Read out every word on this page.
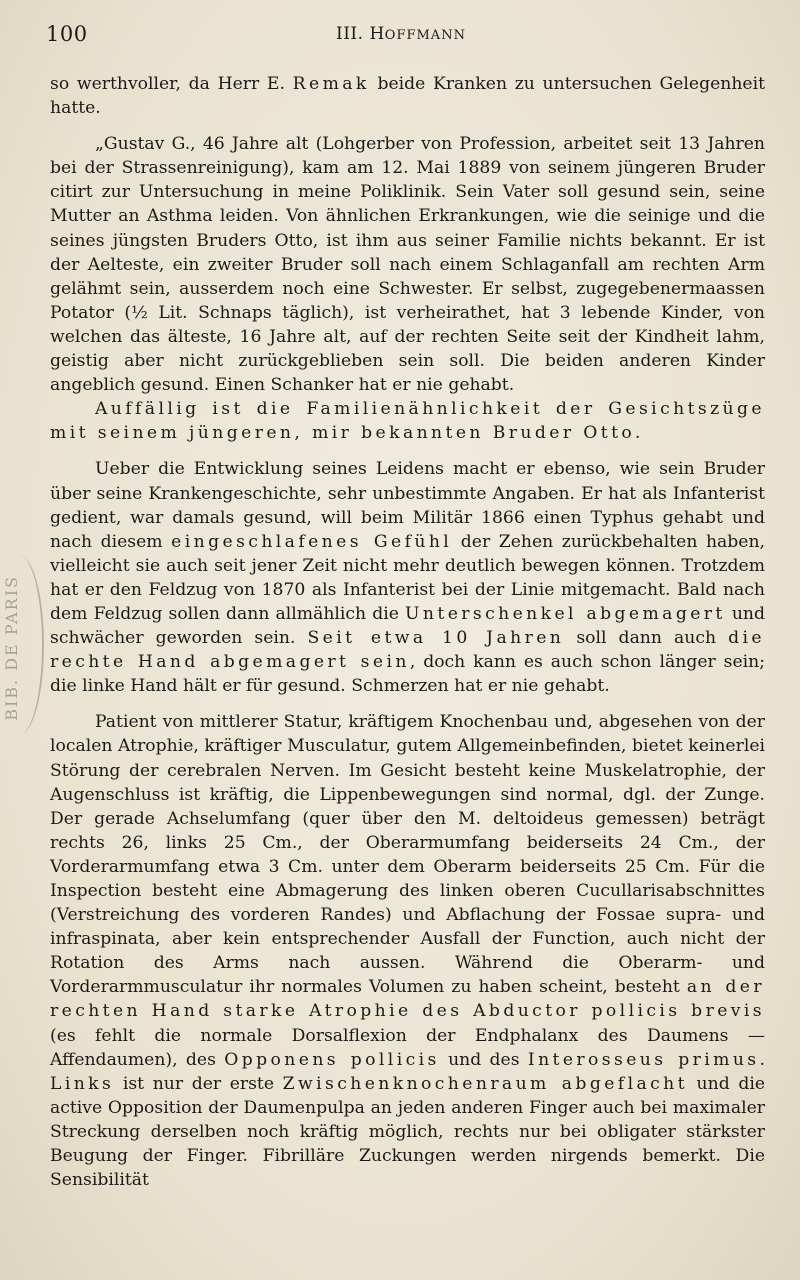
100	III. HOFFMANN
BIB. DE PARIS

so werthvoller, da Herr E. Remak beide Kranken zu untersuchen Gelegenheit hatte.

„Gustav G., 46 Jahre alt (Lohgerber von Profession, arbeitet seit 13 Jahren bei der Strassenreinigung), kam am 12. Mai 1889 von seinem jüngeren Bruder citirt zur Untersuchung in meine Poliklinik. Sein Vater soll gesund sein, seine Mutter an Asthma leiden. Von ähnlichen Erkrankungen, wie die seinige und die seines jüngsten Bruders Otto, ist ihm aus seiner Familie nichts bekannt. Er ist der Aelteste, ein zweiter Bruder soll nach einem Schlaganfall am rechten Arm gelähmt sein, ausserdem noch eine Schwester. Er selbst, zugegebenermaassen Potator (½ Lit. Schnaps täglich), ist verheirathet, hat 3 lebende Kinder, von welchen das älteste, 16 Jahre alt, auf der rechten Seite seit der Kindheit lahm, geistig aber nicht zurückgeblieben sein soll. Die beiden anderen Kinder angeblich gesund. Einen Schanker hat er nie gehabt.

Auffällig ist die Familienähnlichkeit der Gesichtszüge mit seinem jüngeren, mir bekannten Bruder Otto.

Ueber die Entwicklung seines Leidens macht er ebenso, wie sein Bruder über seine Krankengeschichte, sehr unbestimmte Angaben. Er hat als Infanterist gedient, war damals gesund, will beim Militär 1866 einen Typhus gehabt und nach diesem eingeschlafenes Gefühl der Zehen zurückbehalten haben, vielleicht sie auch seit jener Zeit nicht mehr deutlich bewegen können. Trotzdem hat er den Feldzug von 1870 als Infanterist bei der Linie mitgemacht. Bald nach dem Feldzug sollen dann allmählich die Unterschenkel abgemagert und schwächer geworden sein. Seit etwa 10 Jahren soll dann auch die rechte Hand abgemagert sein, doch kann es auch schon länger sein; die linke Hand hält er für gesund. Schmerzen hat er nie gehabt.

Patient von mittlerer Statur, kräftigem Knochenbau und, abgesehen von der localen Atrophie, kräftiger Musculatur, gutem Allgemeinbefinden, bietet keinerlei Störung der cerebralen Nerven. Im Gesicht besteht keine Muskelatrophie, der Augenschluss ist kräftig, die Lippenbewegungen sind normal, dgl. der Zunge. Der gerade Achselumfang (quer über den M. deltoideus gemessen) beträgt rechts 26, links 25 Cm., der Oberarmumfang beiderseits 24 Cm., der Vorderarmumfang etwa 3 Cm. unter dem Oberarm beiderseits 25 Cm. Für die Inspection besteht eine Abmagerung des linken oberen Cucullarisabschnittes (Verstreichung des vorderen Randes) und Abflachung der Fossae supra- und infraspinata, aber kein entsprechender Ausfall der Function, auch nicht der Rotation des Arms nach aussen. Während die Oberarm- und Vorderarmmusculatur ihr normales Volumen zu haben scheint, besteht an der rechten Hand starke Atrophie des Abductor pollicis brevis (es fehlt die normale Dorsalflexion der Endphalanx des Daumens — Affendaumen), des Opponens pollicis und des Interosseus primus. Links ist nur der erste Zwischenknochenraum abgeflacht und die active Opposition der Daumenpulpa an jeden anderen Finger auch bei maximaler Streckung derselben noch kräftig möglich, rechts nur bei obligater stärkster Beugung der Finger. Fibrilläre Zuckungen werden nirgends bemerkt. Die Sensibilität
